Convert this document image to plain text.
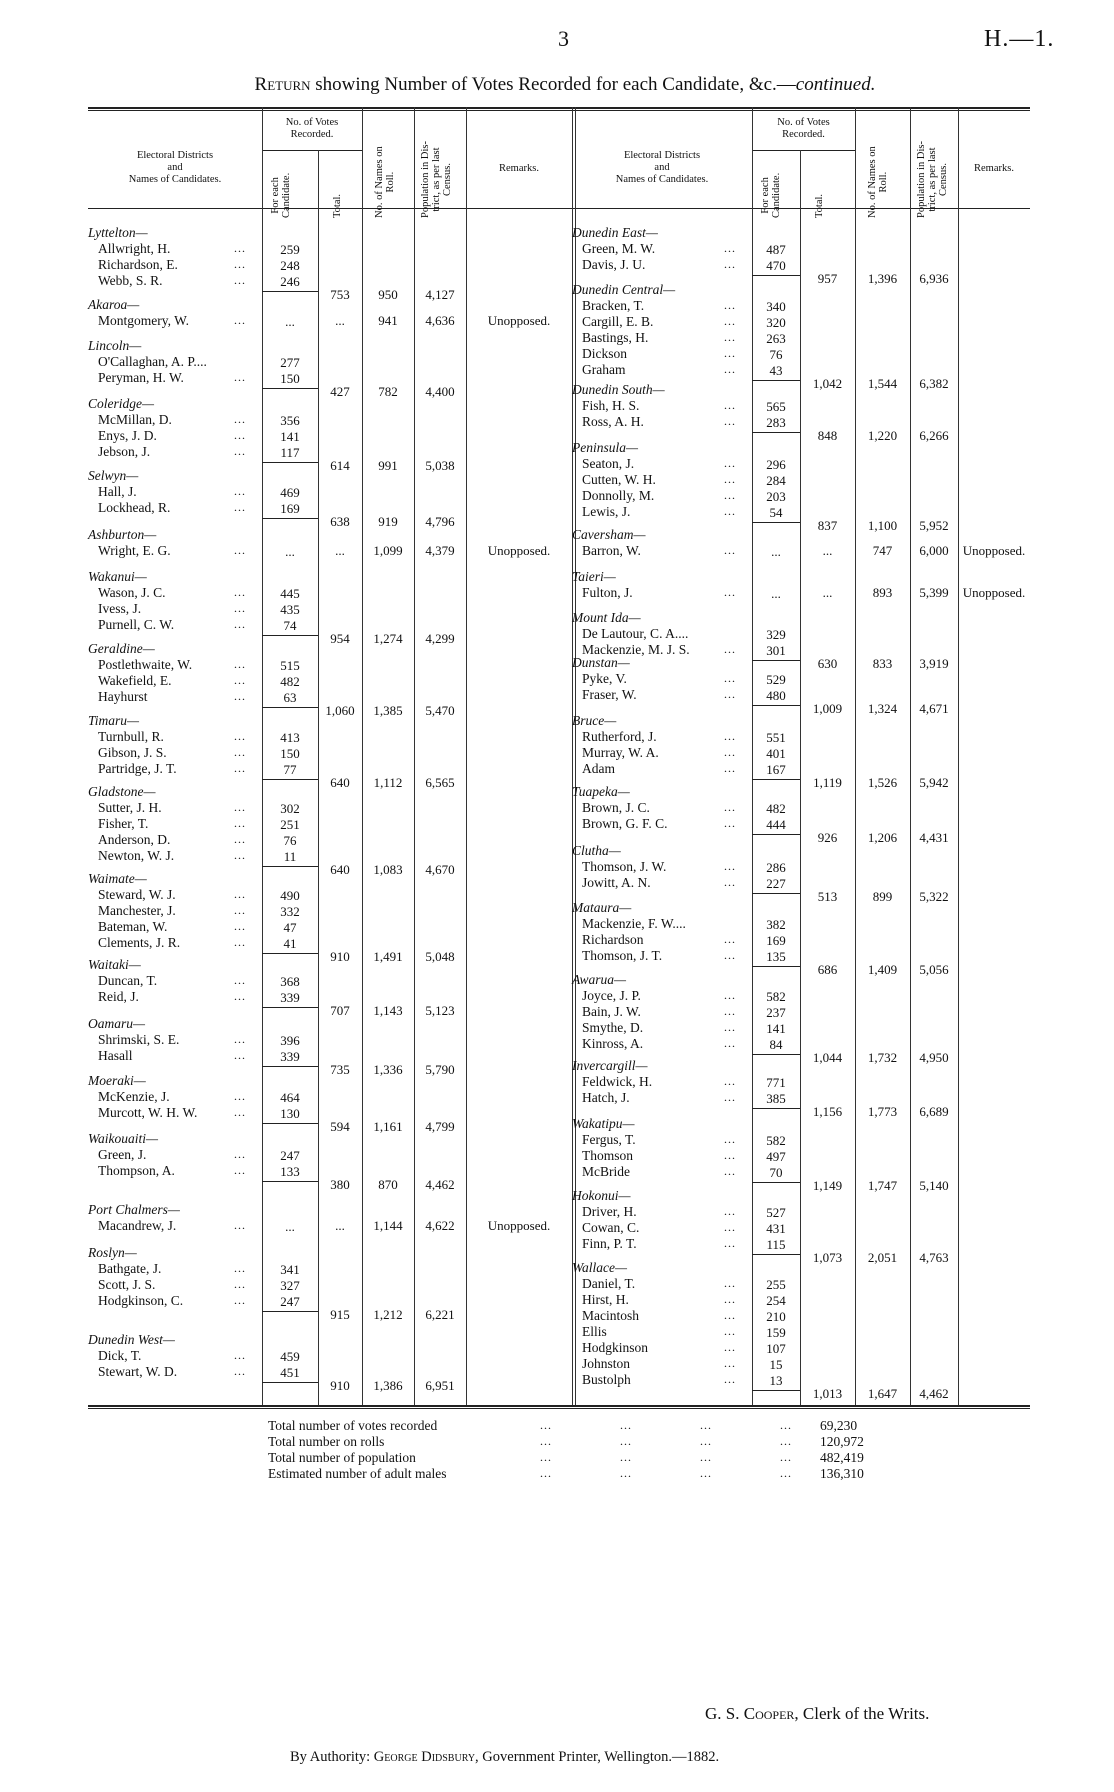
3	H.—1.
Return showing Number of Votes Recorded for each Candidate, &c.—continued.
Electoral Districts
and
Names of Candidates.
No. of Votes
Recorded.
For each Candidate.	Total.	No. of Names on Roll. Population in Dis- trict, as per last Census.	Remarks.
Electoral Districts
and
Names of Candidates.
No. of Votes
Recorded.
For each Candidate.	Total.	No. of Names on Roll.	Population in Dis- trict, as per last Census.	Remarks.
Lyttelton—
Allwright, H.	...	259
Richardson, E.	...	248
Webb, S. R.	...	246
753	950	4,127
Akaroa—
Montgomery, W.	...	...	...	941	4,636	Unopposed.
Lincoln—
O'Callaghan, A. P....	277
Peryman, H. W.	...	150
427	782	4,400
Coleridge—
McMillan, D.	...	356
Enys, J. D.	...	141
Jebson, J.	...	117
614	991	5,038
Selwyn—
Hall, J.	...	469
Lockhead, R.	...	169
638	919	4,796
Ashburton—
Wright, E. G.	...	...	...	1,099	4,379	Unopposed.
Wakanui—
Wason, J. C.	...	445
Ivess, J.	...	435
Purnell, C. W.	...	74
954	1,274	4,299
Geraldine—
Postlethwaite, W.	...	515
Wakefield, E.	...	482
Hayhurst	...	63
1,060	1,385	5,470
Timaru—
Turnbull, R.	...	413
Gibson, J. S.	...	150
Partridge, J. T.	...	77
640	1,112	6,565
Gladstone—
Sutter, J. H.	...	302
Fisher, T.	...	251
Anderson, D.	...	76
Newton, W. J.	...	11
640	1,083	4,670
Waimate—
Steward, W. J.	...	490
Manchester, J.	...	332
Bateman, W.	...	47
Clements, J. R.	...	41
910	1,491	5,048
Waitaki—
Duncan, T.	...	368
Reid, J.	...	339
707	1,143	5,123
Oamaru—
Shrimski, S. E.	...	396
Hasall	...	339
735	1,336	5,790
Moeraki—
McKenzie, J.	...	464
Murcott, W. H. W.	...	130
594	1,161	4,799
Waikouaiti—
Green, J.	...	247
Thompson, A.	...	133
380	870	4,462
Port Chalmers—
Macandrew, J.	...	...	...	1,144	4,622	Unopposed.
Roslyn—
Bathgate, J.	...	341
Scott, J. S.	...	327
Hodgkinson, C.	...	247
915	1,212	6,221
Dunedin West—
Dick, T.	...	459
Stewart, W. D.	...	451
910	1,386	6,951
Dunedin East—
Green, M. W.	...	487
Davis, J. U.	...	470
957	1,396	6,936
Dunedin Central—
Bracken, T.	...	340
Cargill, E. B.	...	320
Bastings, H.	...	263
Dickson	...	76
Graham	...	43
1,042	1,544	6,382
Dunedin South—
Fish, H. S.	...	565
Ross, A. H.	...	283
848	1,220	6,266
Peninsula—
Seaton, J.	...	296
Cutten, W. H.	...	284
Donnolly, M.	...	203
Lewis, J.	...	54
837	1,100	5,952
Caversham—
Barron, W.	...	...	...	747	6,000	Unopposed.
Taieri—
Fulton, J.	...	...	...	893	5,399	Unopposed.
Mount Ida—
De Lautour, C. A....	329
Mackenzie, M. J. S.	...	301
630	833	3,919
Dunstan—
Pyke, V.	...	529
Fraser, W.	...	480
1,009	1,324	4,671
Bruce—
Rutherford, J.	...	551
Murray, W. A.	...	401
Adam	...	167
1,119	1,526	5,942
Tuapeka—
Brown, J. C.	...	482
Brown, G. F. C.	...	444
926	1,206	4,431
Clutha—
Thomson, J. W.	...	286
Jowitt, A. N.	...	227
513	899	5,322
Mataura—
Mackenzie, F. W....	382
Richardson	...	169
Thomson, J. T.	...	135
686	1,409	5,056
Awarua—
Joyce, J. P.	...	582
Bain, J. W.	...	237
Smythe, D.	...	141
Kinross, A.	...	84
1,044	1,732	4,950
Invercargill—
Feldwick, H.	...	771
Hatch, J.	...	385
1,156	1,773	6,689
Wakatipu—
Fergus, T.	...	582
Thomson	...	497
McBride	...	70
1,149	1,747	5,140
Hokonui—
Driver, H.	...	527
Cowan, C.	...	431
Finn, P. T.	...	115
1,073	2,051	4,763
Wallace—
Daniel, T.	...	255
Hirst, H.	...	254
Macintosh	...	210
Ellis	...	159
Hodgkinson	...	107
Johnston	...	15
Bustolph	...	13
1,013	1,647	4,462
Total number of votes recorded	...	...	...	... 69,230
Total number on rolls	...	...	...	... 120,972
Total number of population	...	...	...	... 482,419
Estimated number of adult males	...	...	...	... 136,310
G. S. Cooper, Clerk of the Writs.
By Authority: George Didsbury, Government Printer, Wellington.—1882.
